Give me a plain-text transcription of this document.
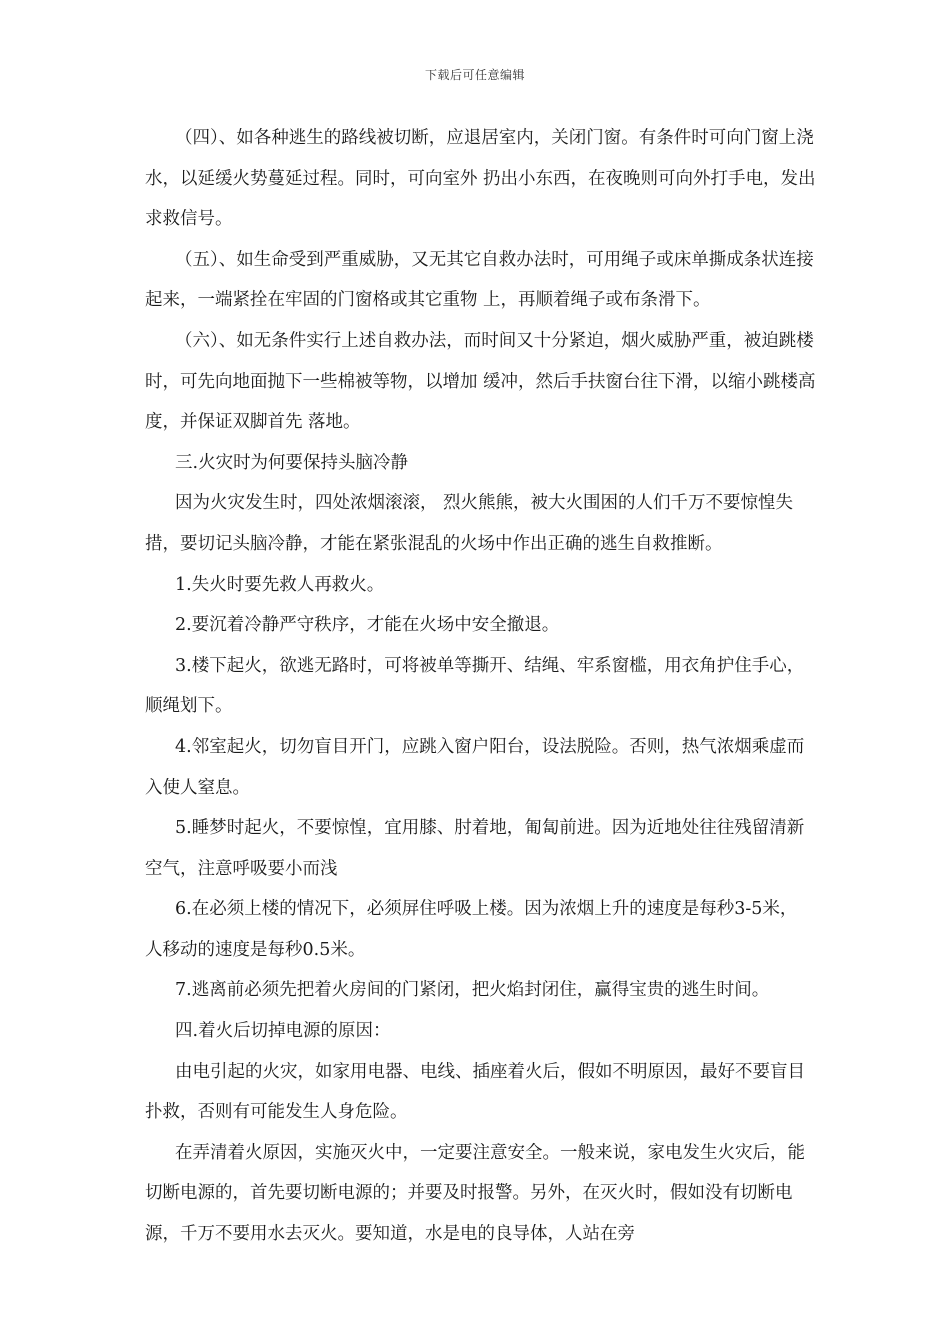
下载后可任意编辑

（四）、如各种逃生的路线被切断，应退居室内，关闭门窗。有条件时可向门窗上浇水，以延缓火势蔓延过程。同时，可向室外 扔出小东西，在夜晚则可向外打手电，发出求救信号。

（五）、如生命受到严重威胁，又无其它自救办法时，可用绳子或床单撕成条状连接起来，一端紧拴在牢固的门窗格或其它重物 上，再顺着绳子或布条滑下。

（六）、如无条件实行上述自救办法，而时间又十分紧迫，烟火威胁严重，被迫跳楼时，可先向地面抛下一些棉被等物，以增加 缓冲，然后手扶窗台往下滑，以缩小跳楼高度，并保证双脚首先 落地。

三.火灾时为何要保持头脑冷静

因为火灾发生时，四处浓烟滚滚， 烈火熊熊，被大火围困的人们千万不要惊惶失措，要切记头脑冷静，才能在紧张混乱的火场中作出正确的逃生自救推断。

1.失火时要先救人再救火。

2.要沉着冷静严守秩序，才能在火场中安全撤退。

3.楼下起火，欲逃无路时，可将被单等撕开、结绳、牢系窗槛，用衣角护住手心，顺绳划下。

4.邻室起火，切勿盲目开门，应跳入窗户阳台，设法脱险。否则，热气浓烟乘虚而入使人窒息。

5.睡梦时起火，不要惊惶，宜用膝、肘着地，匍匐前进。因为近地处往往残留清新空气，注意呼吸要小而浅

6.在必须上楼的情况下，必须屏住呼吸上楼。因为浓烟上升的速度是每秒3-5米， 人移动的速度是每秒0.5米。

7.逃离前必须先把着火房间的门紧闭，把火焰封闭住，赢得宝贵的逃生时间。

四.着火后切掉电源的原因：

由电引起的火灾，如家用电器、电线、插座着火后，假如不明原因，最好不要盲目扑救，否则有可能发生人身危险。

在弄清着火原因，实施灭火中，一定要注意安全。一般来说，家电发生火灾后，能切断电源的，首先要切断电源的；并要及时报警。另外，在灭火时，假如没有切断电源，千万不要用水去灭火。要知道，水是电的良导体，人站在旁
